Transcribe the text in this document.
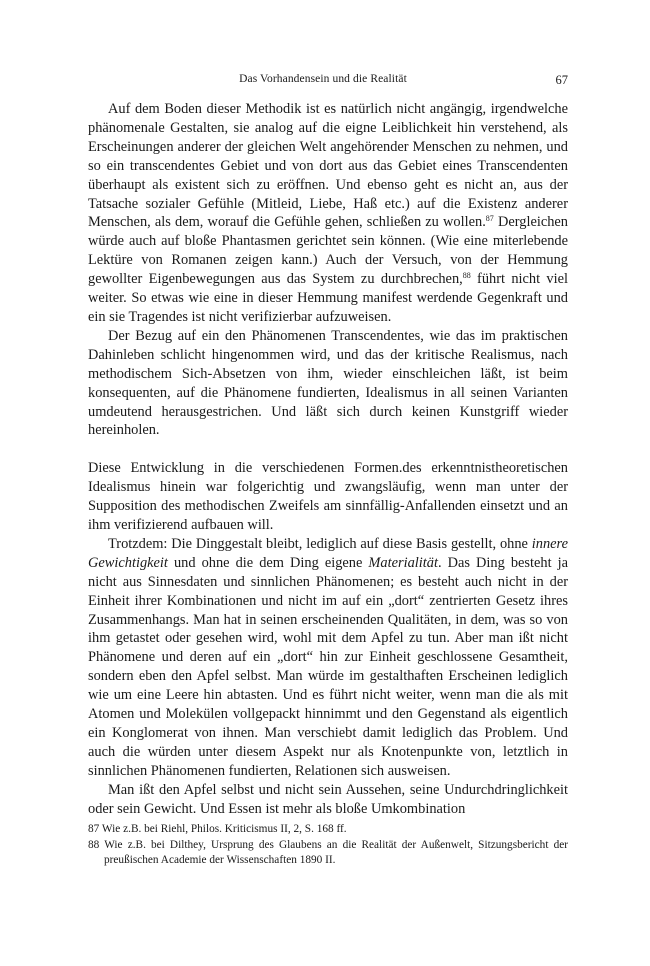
Das Vorhandensein und die Realität	67

Auf dem Boden dieser Methodik ist es natürlich nicht angängig, irgendwelche phänomenale Gestalten, sie analog auf die eigne Leiblichkeit hin verstehend, als Erscheinungen anderer der gleichen Welt angehörender Menschen zu nehmen, und so ein transcendentes Gebiet und von dort aus das Gebiet eines Transcendenten überhaupt als existent sich zu eröffnen. Und ebenso geht es nicht an, aus der Tatsache sozialer Gefühle (Mitleid, Liebe, Haß etc.) auf die Existenz anderer Menschen, als dem, worauf die Gefühle gehen, schließen zu wollen.$^{87}$ Dergleichen würde auch auf bloße Phantasmen gerichtet sein können. (Wie eine miterlebende Lektüre von Romanen zeigen kann.) Auch der Versuch, von der Hemmung gewollter Eigenbewegungen aus das System zu durchbrechen,$^{88}$ führt nicht viel weiter. So etwas wie eine in dieser Hemmung manifest werdende Gegenkraft und ein sie Tragendes ist nicht verifizierbar aufzuweisen.

Der Bezug auf ein den Phänomenen Transcendentes, wie das im praktischen Dahinleben schlicht hingenommen wird, und das der kritische Realismus, nach methodischem Sich-Absetzen von ihm, wieder einschleichen läßt, ist beim konsequenten, auf die Phänomene fundierten, Idealismus in all seinen Varianten umdeutend herausgestrichen. Und läßt sich durch keinen Kunstgriff wieder hereinholen.

Diese Entwicklung in die verschiedenen Formen.des erkenntnistheoretischen Idealismus hinein war folgerichtig und zwangsläufig, wenn man unter der Supposition des methodischen Zweifels am sinnfällig-Anfallenden einsetzt und an ihm verifizierend aufbauen will.

Trotzdem: Die Dinggestalt bleibt, lediglich auf diese Basis gestellt, ohne innere Gewichtigkeit und ohne die dem Ding eigene Materialität. Das Ding besteht ja nicht aus Sinnesdaten und sinnlichen Phänomenen; es besteht auch nicht in der Einheit ihrer Kombinationen und nicht im auf ein „dort“ zentrierten Gesetz ihres Zusammenhangs. Man hat in seinen erscheinenden Qualitäten, in dem, was so von ihm getastet oder gesehen wird, wohl mit dem Apfel zu tun. Aber man ißt nicht Phänomene und deren auf ein „dort“ hin zur Einheit geschlossene Gesamtheit, sondern eben den Apfel selbst. Man würde im gestalthaften Erscheinen lediglich wie um eine Leere hin abtasten. Und es führt nicht weiter, wenn man die als mit Atomen und Molekülen vollgepackt hinnimmt und den Gegenstand als eigentlich ein Konglomerat von ihnen. Man verschiebt damit lediglich das Problem. Und auch die würden unter diesem Aspekt nur als Knotenpunkte von, letztlich in sinnlichen Phänomenen fundierten, Relationen sich ausweisen.

Man ißt den Apfel selbst und nicht sein Aussehen, seine Undurchdringlichkeit oder sein Gewicht. Und Essen ist mehr als bloße Umkombination

87 Wie z.B. bei Riehl, Philos. Kriticismus II, 2, S. 168 ff.
88 Wie z.B. bei Dilthey, Ursprung des Glaubens an die Realität der Außenwelt, Sitzungsbericht der preußischen Academie der Wissenschaften 1890 II.
